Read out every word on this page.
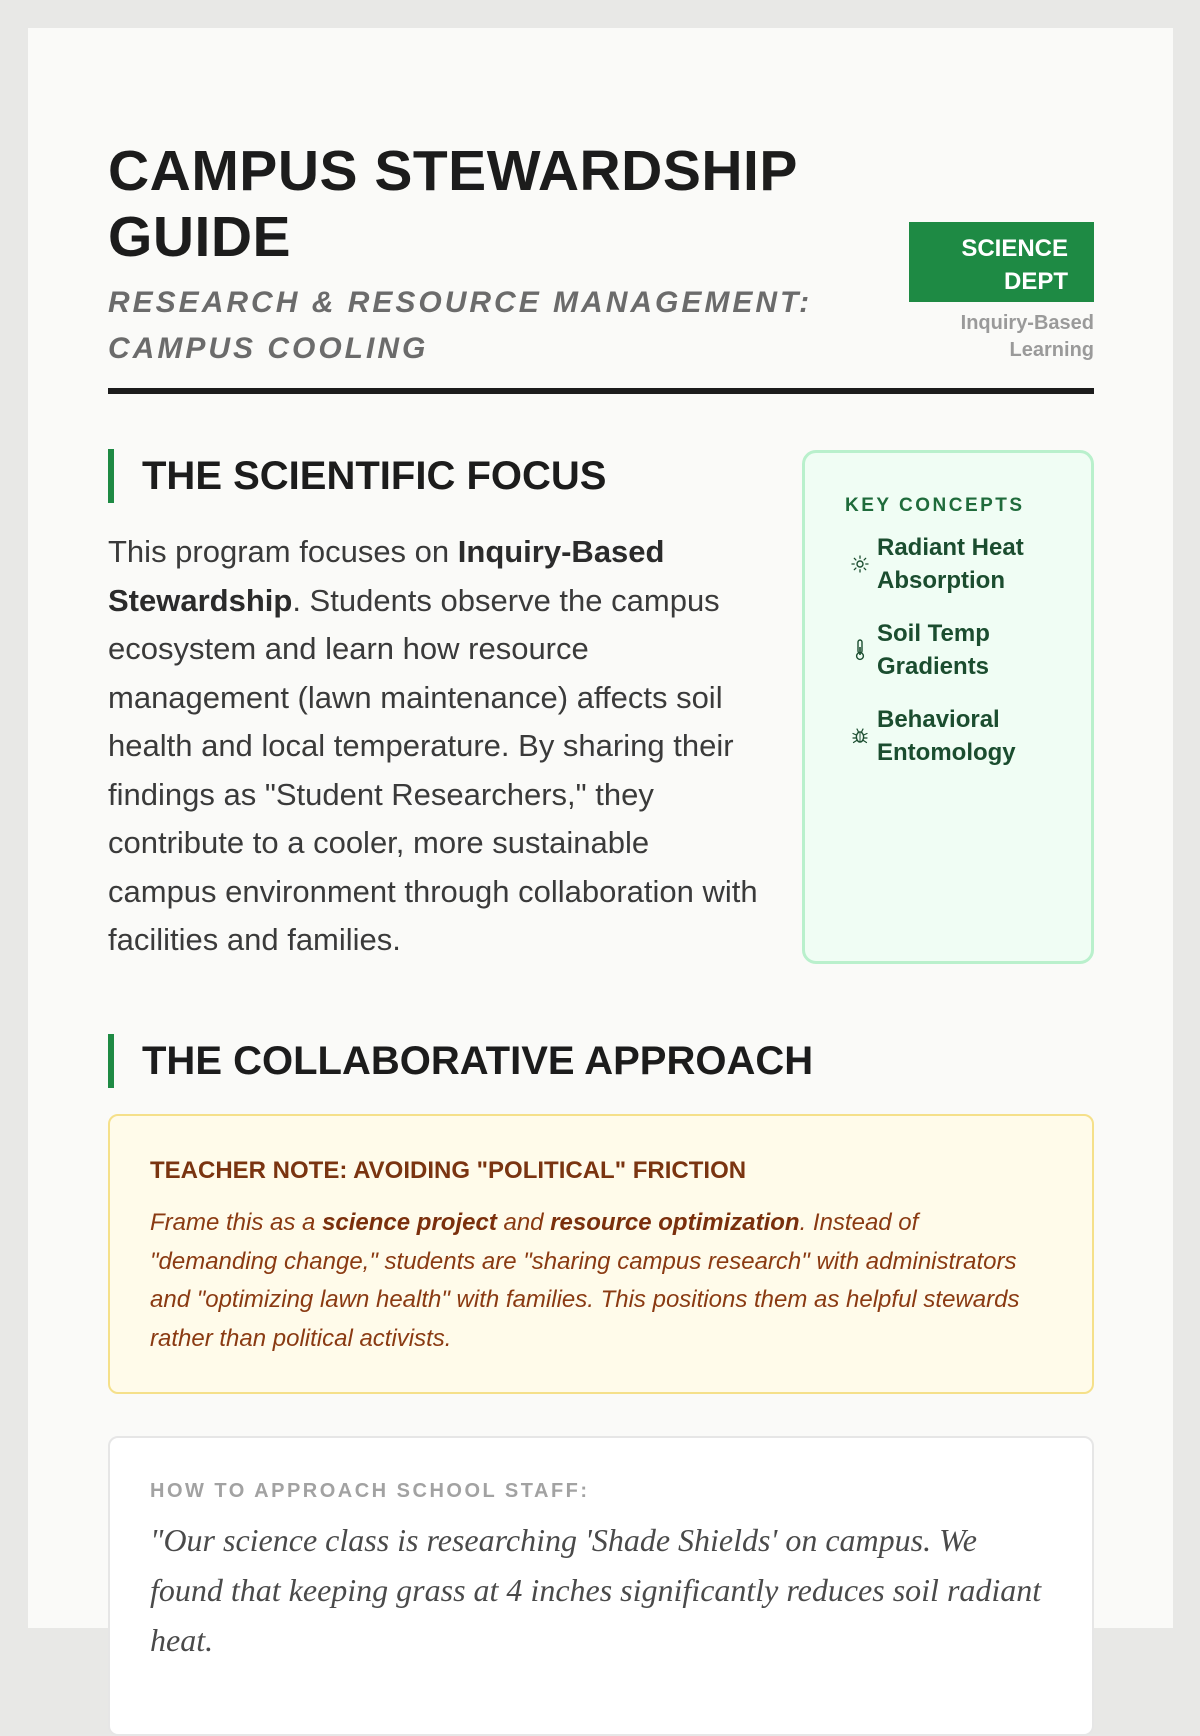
CAMPUS STEWARDSHIP GUIDE
RESEARCH & RESOURCE MANAGEMENT: CAMPUS COOLING
SCIENCE DEPT
Inquiry-Based Learning
THE SCIENTIFIC FOCUS

This program focuses on Inquiry-Based Stewardship. Students observe the campus ecosystem and learn how resource management (lawn maintenance) affects soil health and local temperature. By sharing their findings as "Student Researchers," they contribute to a cooler, more sustainable campus environment through collaboration with facilities and families.

KEY CONCEPTS
Radiant Heat Absorption
Soil Temp Gradients
Behavioral Entomology
THE COLLABORATIVE APPROACH
TEACHER NOTE: AVOIDING "POLITICAL" FRICTION
Frame this as a science project and resource optimization. Instead of "demanding change," students are "sharing campus research" with administrators and "optimizing lawn health" with families. This positions them as helpful stewards rather than political activists.
HOW TO APPROACH SCHOOL STAFF:
"Our science class is researching 'Shade Shields' on campus. We found that keeping grass at 4 inches significantly reduces soil radiant heat.
